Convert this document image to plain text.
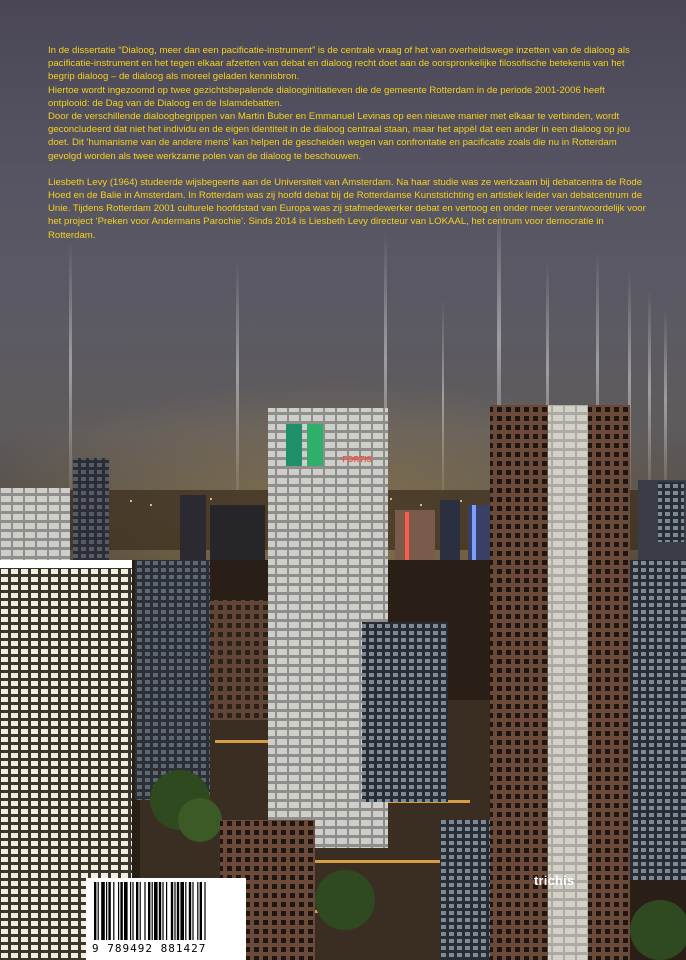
FORTIS

In de dissertatie “Dialoog, meer dan een pacificatie-instrument” is de centrale vraag of het van overheidswege inzetten van de dialoog als pacificatie-instrument en het tegen elkaar afzetten van debat en dialoog recht doet aan de oorspronkelijke filosofische betekenis van het begrip dialoog – de dialoog als moreel geladen kennisbron.

Hiertoe wordt ingezoomd op twee gezichtsbepalende dialooginitiatieven die de gemeente Rotterdam in de periode 2001-2006 heeft ontplooid: de Dag van de Dialoog en de Islamdebatten.

Door de verschillende dialoogbegrippen van Martin Buber en Emmanuel Levinas op een nieuwe manier met elkaar te verbinden, wordt geconcludeerd dat niet het individu en de eigen identiteit in de dialoog centraal staan, maar het appèl dat een ander in een dialoog op jou doet. Dit ‘humanisme van de andere mens’ kan helpen de gescheiden wegen van confrontatie en pacificatie zoals die nu in Rotterdam gevolgd worden als twee werkzame polen van de dialoog te beschouwen.

Liesbeth Levy (1964) studeerde wijsbegeerte aan de Universiteit van Amsterdam. Na haar studie was ze werkzaam bij debatcentra de Rode Hoed en de Balie in Amsterdam. In Rotterdam was zij hoofd debat bij de Rotterdamse Kunststichting en artistiek leider van debatcentrum de Unie. Tijdens Rotterdam 2001 culturele hoofdstad van Europa was zij stafmedewerker debat en vertoog en onder meer verantwoordelijk voor het project ‘Preken voor Andermans Parochie’. Sinds 2014 is Liesbeth Levy directeur van LOKAAL, het centrum voor democratie in Rotterdam.

trichis
9 789492 881427
